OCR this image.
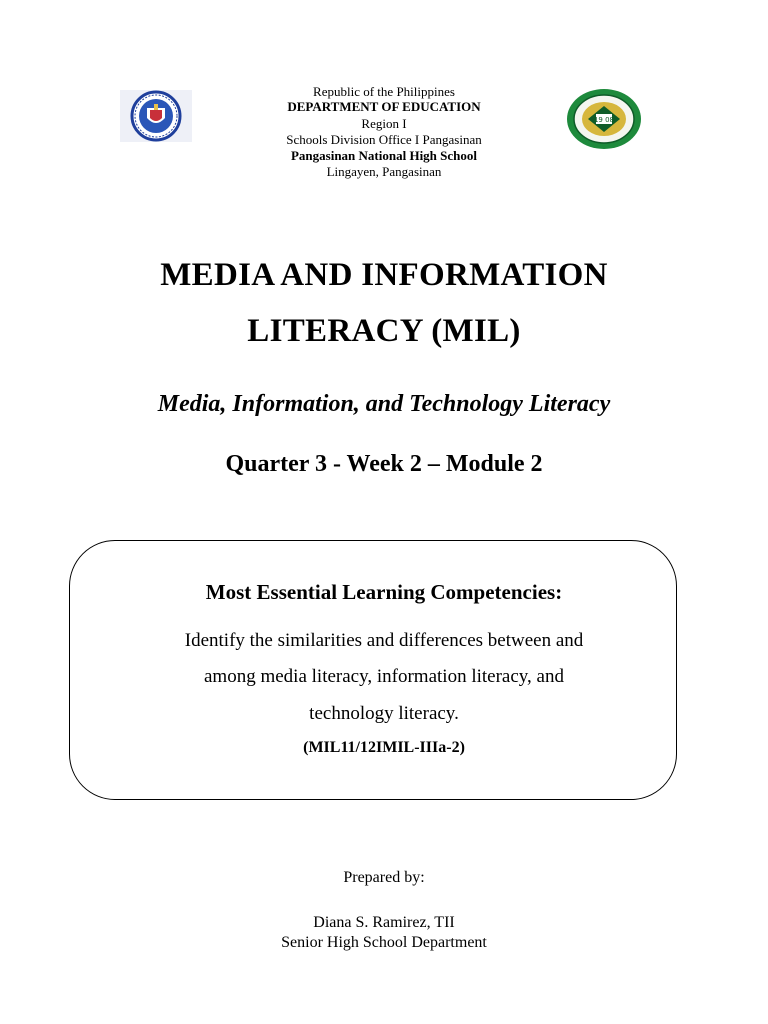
19 08
Republic of the Philippines
DEPARTMENT OF EDUCATION
Region I
Schools Division Office I Pangasinan
Pangasinan National High School
Lingayen, Pangasinan
MEDIA AND INFORMATION
LITERACY (MIL)
Media, Information, and Technology Literacy
Quarter 3 - Week 2 – Module 2
Most Essential Learning Competencies:
Identify the similarities and differences between and
among media literacy, information literacy, and
technology literacy.
(MIL11/12IMIL-IIIa-2)
Prepared by:
Diana S. Ramirez, TII
Senior High School Department
